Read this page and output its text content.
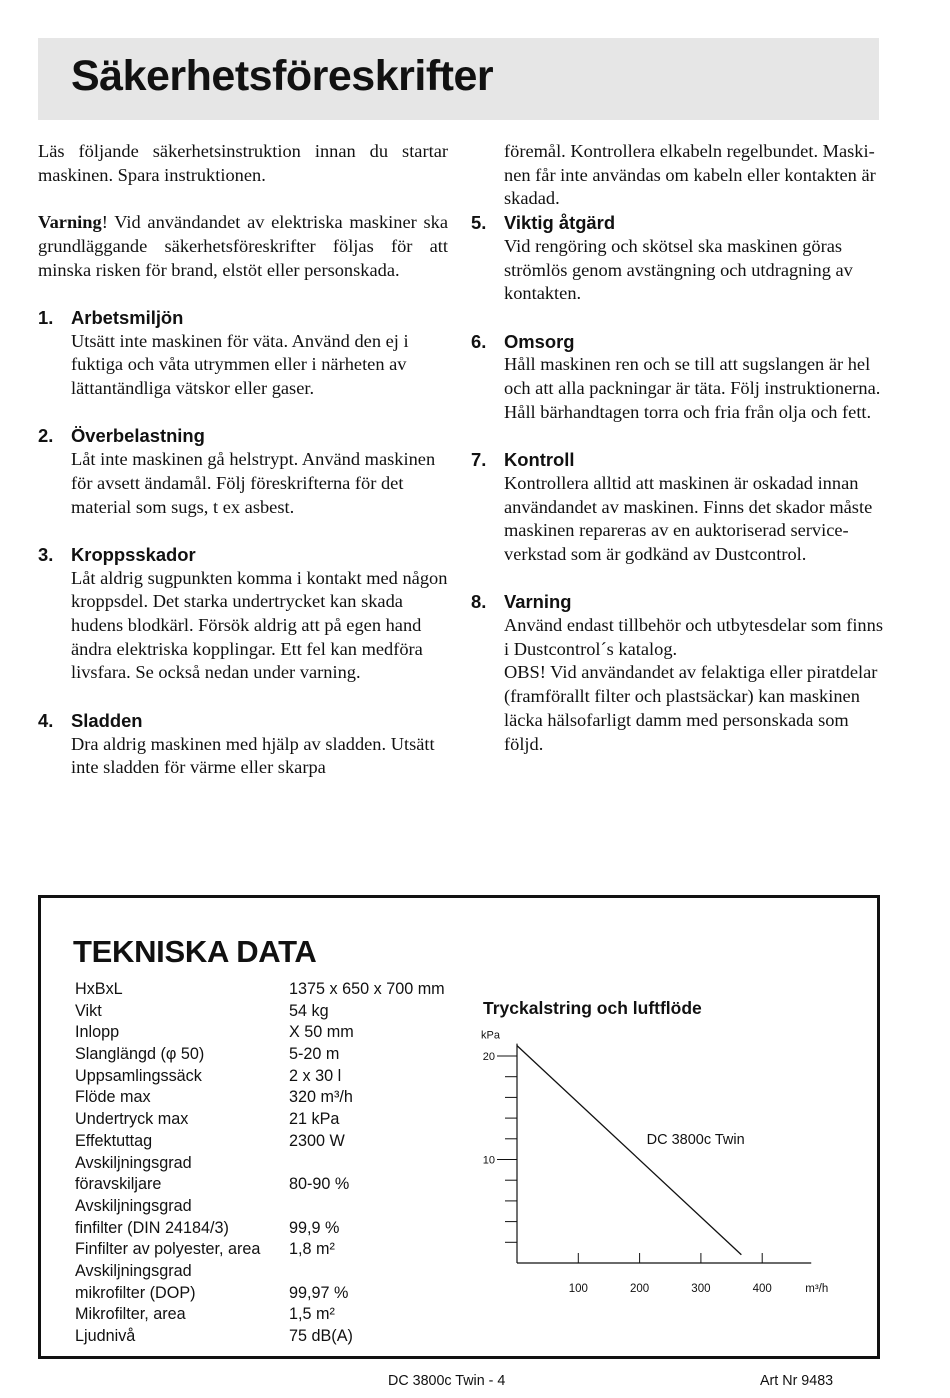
Säkerhetsföreskrifter

Läs följande säkerhetsinstruktion innan du startar maskinen. Spara instruktionen.

Varning! Vid användandet av elektriska maskiner ska grundläggande säkerhetsföreskrifter följas för att minska risken för brand, elstöt eller personskada.

1. Arbetsmiljön

Utsätt inte maskinen för väta. Använd den ej i fuktiga och våta utrymmen eller i närheten av lättantändliga vätskor eller gaser.

2. Överbelastning

Låt inte maskinen gå helstrypt. Använd maskinen för avsett ändamål. Följ föreskrifterna för det material som sugs, t ex asbest.

3. Kroppsskador

Låt aldrig sugpunkten komma i kontakt med någon kroppsdel. Det starka undertrycket kan skada hudens blodkärl. Försök aldrig att på egen hand ändra elektriska kopplingar. Ett fel kan medföra livsfara. Se också nedan under varning.

4. Sladden

Dra aldrig maskinen med hjälp av sladden. Utsätt inte sladden för värme eller skarpa

föremål. Kontrollera elkabeln regelbundet. Maskinen får inte användas om kabeln eller kontakten är skadad.

5. Viktig åtgärd

Vid rengöring och skötsel ska maskinen göras strömlös genom avstängning och utdragning av kontakten.

6. Omsorg

Håll maskinen ren och se till att sugslangen är hel och att alla packningar är täta. Följ instruktionerna. Håll bärhandtagen torra och fria från olja och fett.

7. Kontroll

Kontrollera alltid att maskinen är oskadad innan användandet av maskinen. Finns det skador måste maskinen repareras av en auktoriserad serviceverkstad som är godkänd av Dustcontrol.

8. Varning

Använd endast tillbehör och utbytesdelar som finns i Dustcontrol´s katalog.

OBS! Vid användandet av felaktiga eller piratdelar (framförallt filter och plastsäckar) kan maskinen läcka hälsofarligt damm med personskada som följd.

TEKNISKA DATA
HxBxL	1375 x 650 x 700 mm
Vikt	54 kg
Inlopp	X 50 mm
Slanglängd (φ 50)	5-20 m
Uppsamlingssäck	2 x 30 l
Flöde max	320 m³/h
Undertryck max	21 kPa
Effektuttag	2300 W
Avskiljningsgrad	
föravskiljare	80-90 %
Avskiljningsgrad	
finfilter (DIN 24184/3)	99,9 %
Finfilter av polyester, area	1,8 m²
Avskiljningsgrad	
mikrofilter (DOP)	99,97 %
Mikrofilter, area	1,5 m²
Ljudnivå	75 dB(A)
Tryckalstring och luftflöde
20
10
kPa
100	200	300	400	m³/h
DC 3800c Twin
DC 3800c Twin - 4	Art Nr 9483
